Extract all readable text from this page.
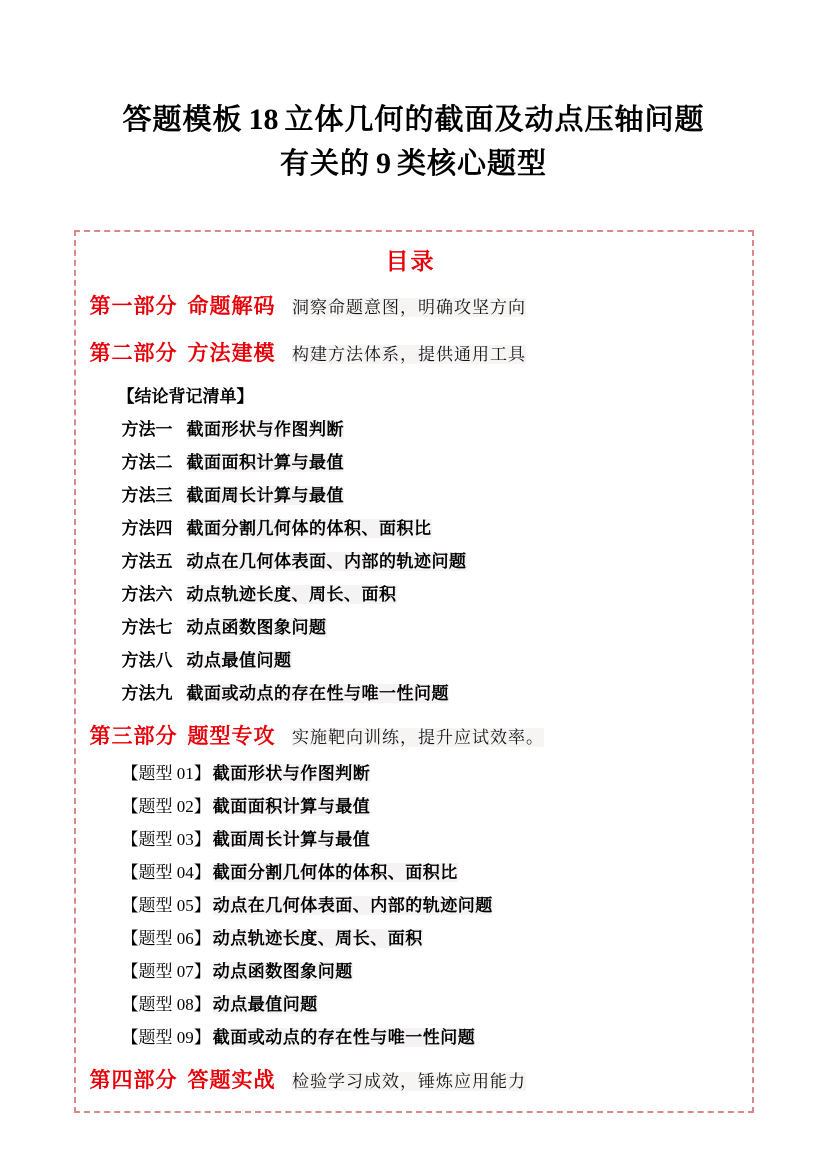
答题模板 18 立体几何的截面及动点压轴问题
有关的 9 类核心题型
目录
第一部分 命题解码 洞察命题意图，明确攻坚方向
第二部分 方法建模 构建方法体系，提供通用工具
【结论背记清单】
方法一 截面形状与作图判断
方法二 截面面积计算与最值
方法三 截面周长计算与最值
方法四 截面分割几何体的体积、面积比
方法五 动点在几何体表面、内部的轨迹问题
方法六 动点轨迹长度、周长、面积
方法七 动点函数图象问题
方法八 动点最值问题
方法九 截面或动点的存在性与唯一性问题
第三部分 题型专攻 实施靶向训练，提升应试效率。
【题型 01】 截面形状与作图判断
【题型 02】 截面面积计算与最值
【题型 03】 截面周长计算与最值
【题型 04】 截面分割几何体的体积、面积比
【题型 05】 动点在几何体表面、内部的轨迹问题
【题型 06】 动点轨迹长度、周长、面积
【题型 07】 动点函数图象问题
【题型 08】 动点最值问题
【题型 09】 截面或动点的存在性与唯一性问题
第四部分 答题实战 检验学习成效，锤炼应用能力
